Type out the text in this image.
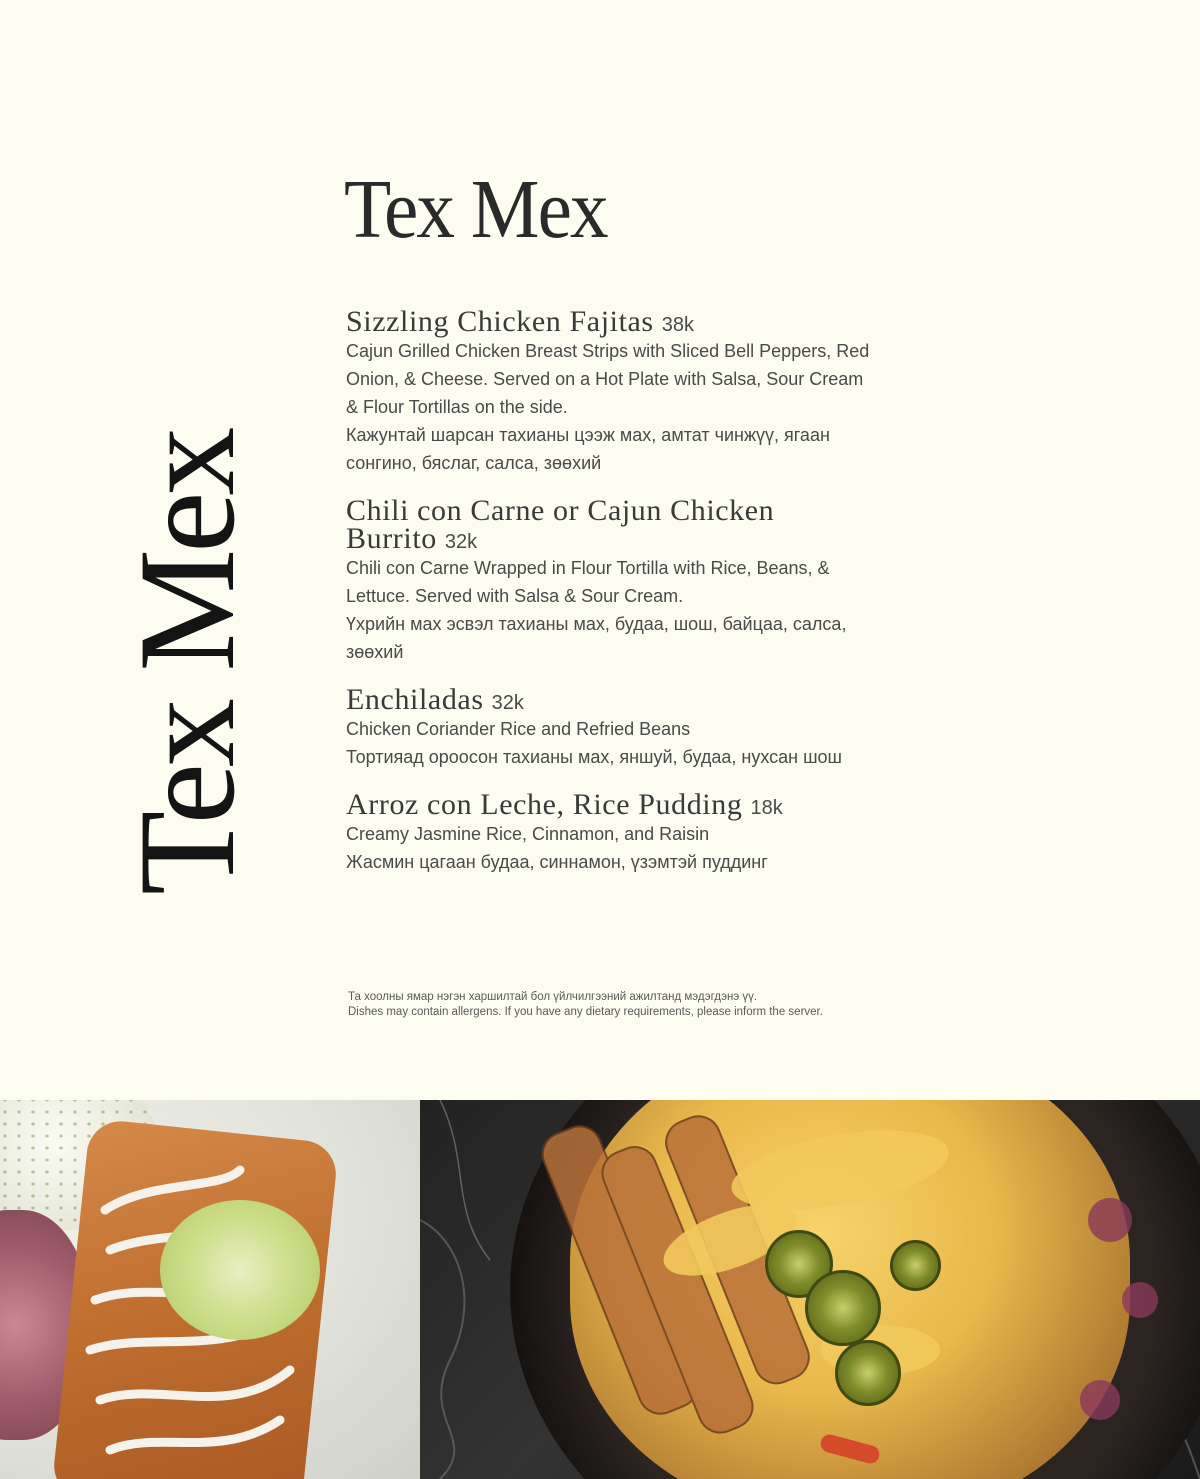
Tex Mex
Tex Mex
Sizzling Chicken Fajitas 38k
Cajun Grilled Chicken Breast Strips with Sliced Bell Peppers, Red Onion, & Cheese. Served on a Hot Plate with Salsa, Sour Cream & Flour Tortillas on the side.
Кажунтай шарсан тахианы цээж мах, амтат чинжүү, ягаан сонгино, бяслаг, салса, зөөхий
Chili con Carne or Cajun Chicken Burrito 32k
Chili con Carne Wrapped in Flour Tortilla with Rice, Beans, & Lettuce. Served with Salsa & Sour Cream.
Үхрийн мах эсвэл тахианы мах, будаа, шош, байцаа, салса, зөөхий
Enchiladas 32k
Chicken Coriander Rice and Refried Beans
Тортияад ороосон тахианы мах, яншуй, будаа, нухсан шош
Arroz con Leche, Rice Pudding 18k
Creamy Jasmine Rice, Cinnamon, and Raisin
Жасмин цагаан будаа, синнамон, үзэмтэй пуддинг
Та хоолны ямар нэгэн харшилтай бол үйлчилгээний ажилтанд мэдэгдэнэ үү.
Dishes may contain allergens. If you have any dietary requirements, please inform the server.
